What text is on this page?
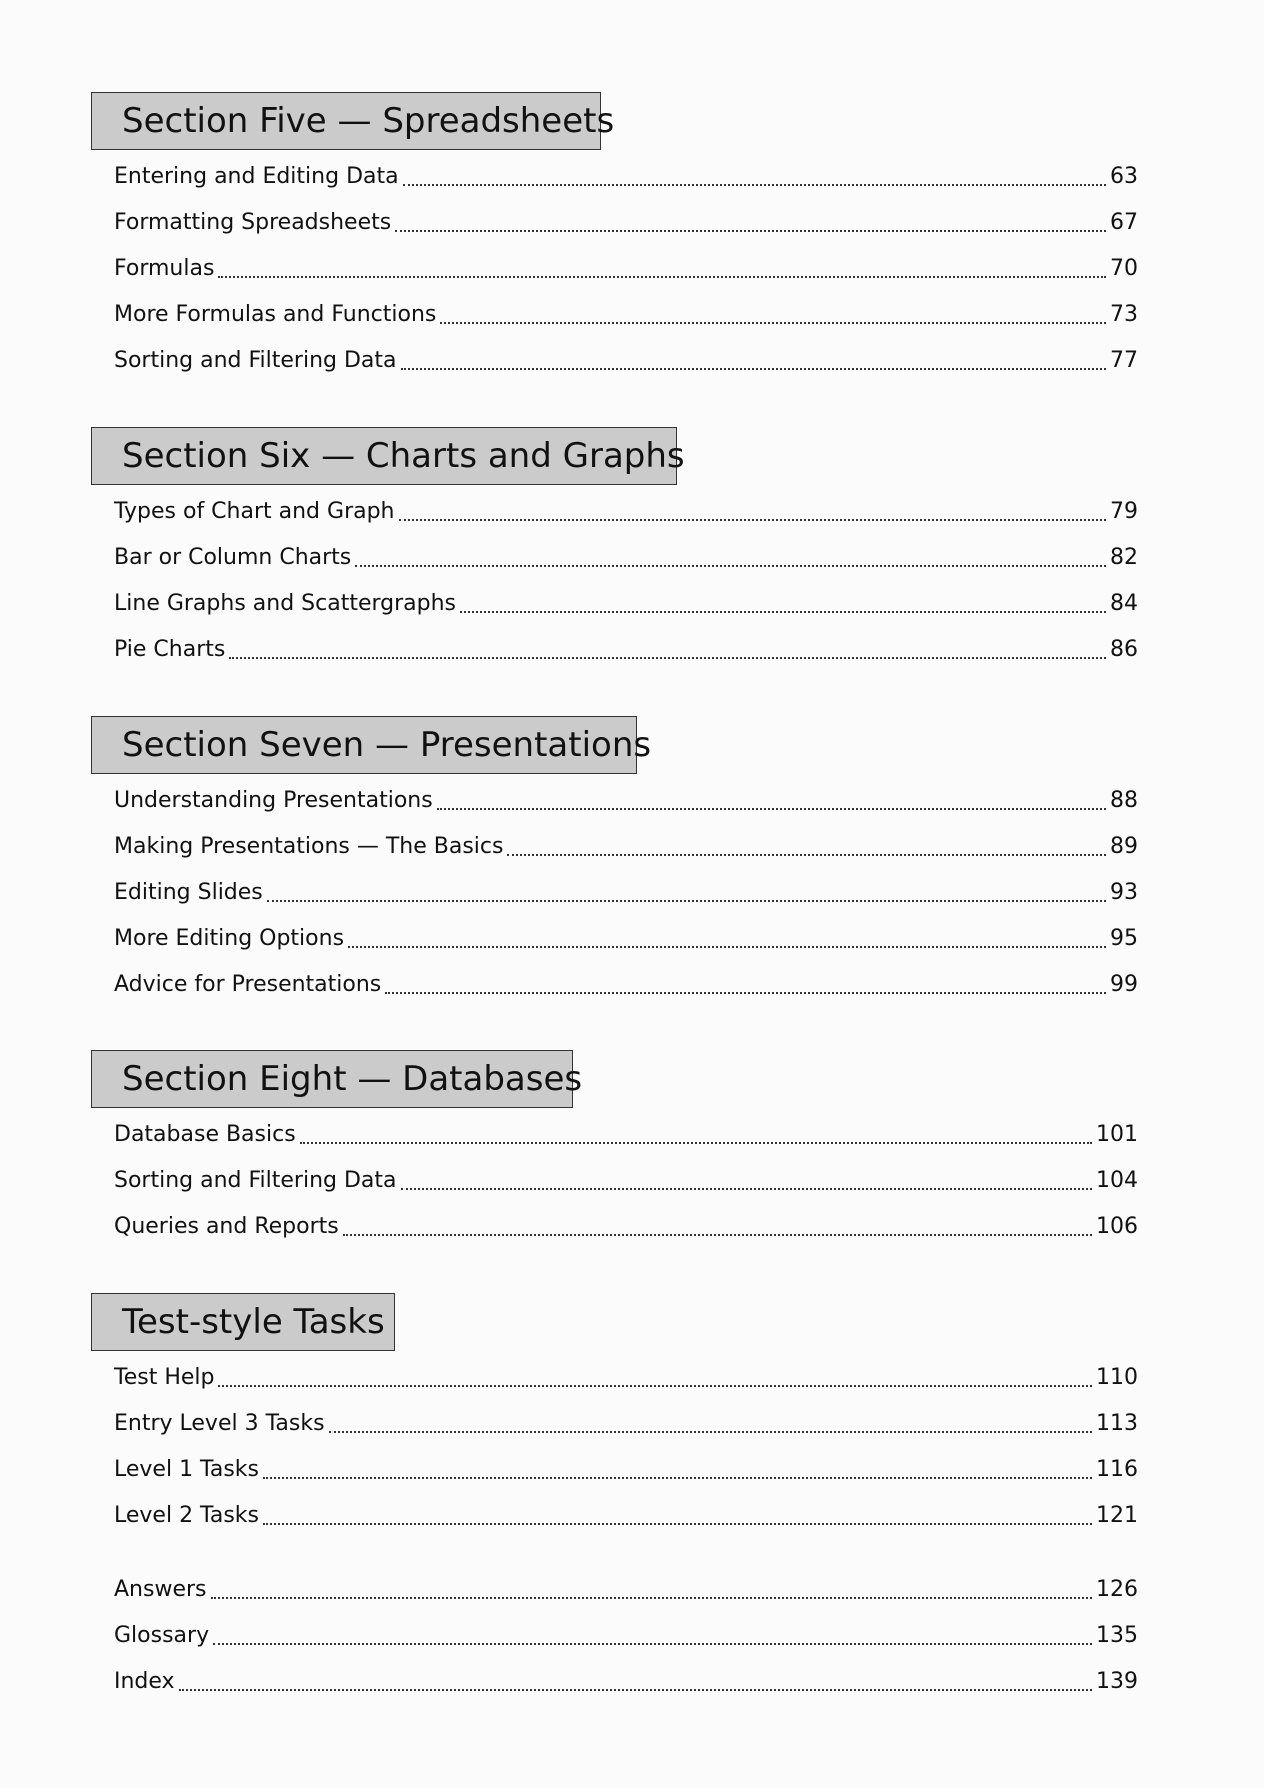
Section Five — Spreadsheets
Entering and Editing Data	63
Formatting Spreadsheets	67
Formulas	70
More Formulas and Functions	73
Sorting and Filtering Data	77
Section Six — Charts and Graphs
Types of Chart and Graph	79
Bar or Column Charts	82
Line Graphs and Scattergraphs	84
Pie Charts	86
Section Seven — Presentations
Understanding Presentations	88
Making Presentations — The Basics	89
Editing Slides	93
More Editing Options	95
Advice for Presentations	99
Section Eight — Databases
Database Basics	101
Sorting and Filtering Data	104
Queries and Reports	106
Test-style Tasks
Test Help	110
Entry Level 3 Tasks	113
Level 1 Tasks	116
Level 2 Tasks	121
Answers	126
Glossary	135
Index	139
